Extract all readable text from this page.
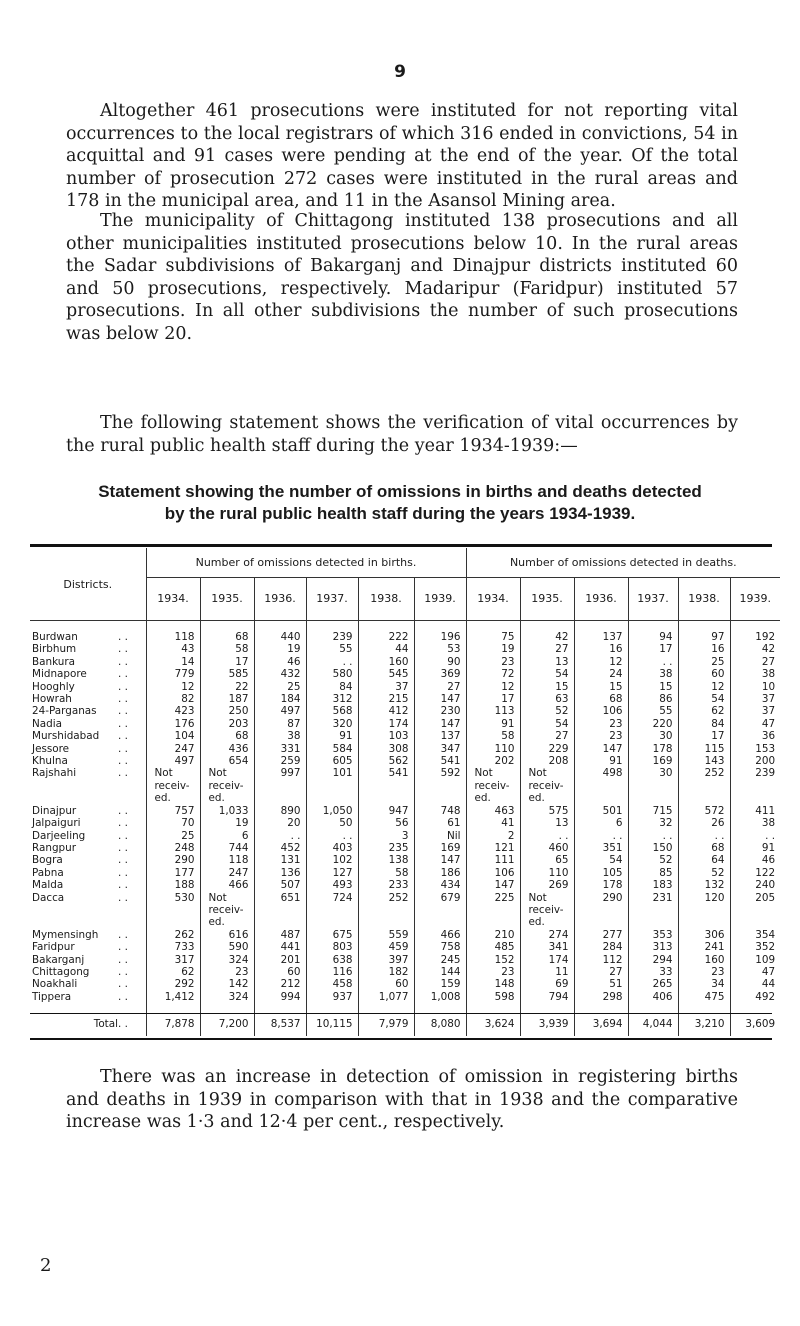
9

Altogether 461 prosecutions were instituted for not reporting vital occurrences to the local registrars of which 316 ended in convictions, 54 in acquittal and 91 cases were pending at the end of the year. Of the total number of prosecution 272 cases were instituted in the rural areas and 178 in the municipal area, and 11 in the Asansol Mining area.

The municipality of Chittagong instituted 138 prosecutions and all other municipalities instituted prosecutions below 10. In the rural areas the Sadar subdivisions of Bakarganj and Dinajpur districts instituted 60 and 50 prosecutions, respectively. Madaripur (Faridpur) instituted 57 prosecutions. In all other subdivisions the number of such prosecutions was below 20.

The following statement shows the verification of vital occurrences by the rural public health staff during the year 1934-1939:—

Statement showing the number of omissions in births and deaths detected
by the rural public health staff during the years 1934-1939.
Districts.		Number of omissions detected in births.						Number of omissions detected in deaths.					
		1934.	1935.	1936.	1937.	1938.	1939.	1934.	1935.	1936.	1937.	1938.	1939.

Burdwan	. .	118	68	440	239	222	196	75	42	137	94	97	192
Birbhum	. .	43	58	19	55	44	53	19	27	16	17	16	42
Bankura	. .	14	17	46	. .	160	90	23	13	12	. .	25	27
Midnapore	. .	779	585	432	580	545	369	72	54	24	38	60	38
Hooghly	. .	12	22	25	84	37	27	12	15	15	15	12	10
Howrah	. .	82	187	184	312	215	147	17	63	68	86	54	37
24-Parganas	. .	423	250	497	568	412	230	113	52	106	55	62	37
Nadia	. .	176	203	87	320	174	147	91	54	23	220	84	47
Murshidabad	. .	104	68	38	91	103	137	58	27	23	30	17	36
Jessore	. .	247	436	331	584	308	347	110	229	147	178	115	153
Khulna	. .	497	654	259	605	562	541	202	208	91	169	143	200
Rajshahi	. .	Not receiv- ed.	Not receiv- ed.	997	101	541	592	Not receiv- ed.	Not receiv- ed.	498	30	252	239
Dinajpur	. .	757	1,033	890	1,050	947	748	463	575	501	715	572	411
Jalpaiguri	. .	70	19	20	50	56	61	41	13	6	32	26	38
Darjeeling	. .	25	6	. .	. .	3	Nil	2	. .	. .	. .	. .	. .
Rangpur	. .	248	744	452	403	235	169	121	460	351	150	68	91
Bogra	. .	290	118	131	102	138	147	111	65	54	52	64	46
Pabna	. .	177	247	136	127	58	186	106	110	105	85	52	122
Malda	. .	188	466	507	493	233	434	147	269	178	183	132	240
Dacca	. .	530	Not receiv- ed.	651	724	252	679	225	Not receiv- ed.	290	231	120	205
Mymensingh	. .	262	616	487	675	559	466	210	274	277	353	306	354
Faridpur	. .	733	590	441	803	459	758	485	341	284	313	241	352
Bakarganj	. .	317	324	201	638	397	245	152	174	112	294	160	109
Chittagong	. .	62	23	60	116	182	144	23	11	27	33	23	47
Noakhali	. .	292	142	212	458	60	159	148	69	51	265	34	44
Tippera	. .	1,412	324	994	937	1,077	1,008	598	794	298	406	475	492

Total	. .	7,878	7,200	8,537	10,115	7,979	8,080	3,624	3,939	3,694	4,044	3,210	3,609

There was an increase in detection of omission in registering births and deaths in 1939 in comparison with that in 1938 and the comparative increase was 1·3 and 12·4 per cent., respectively.

2
